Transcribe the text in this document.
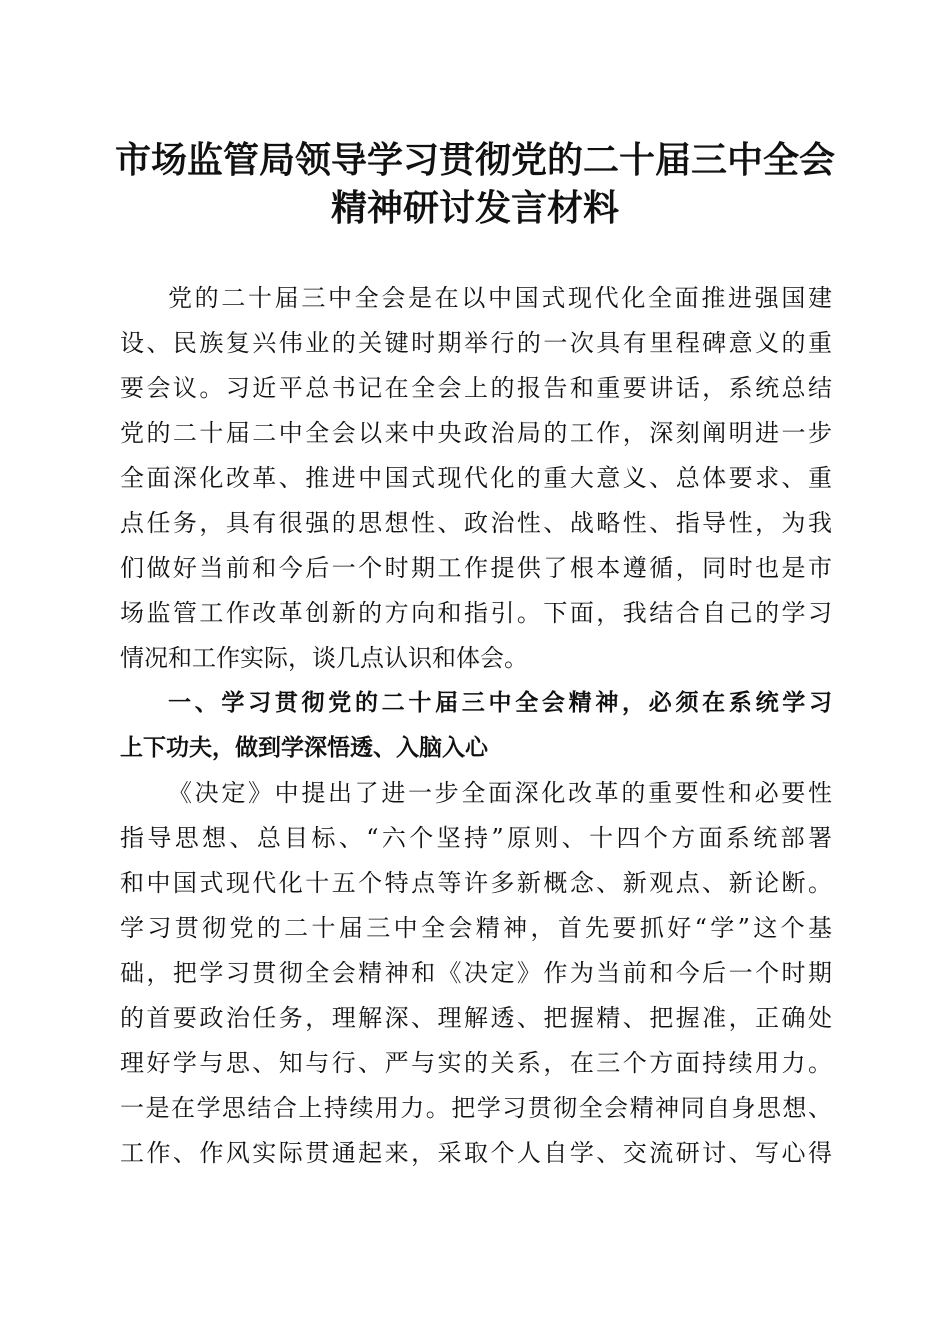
市场监管局领导学习贯彻党的二十届三中全会
精神研讨发言材料

党的二十届三中全会是在以中国式现代化全面推进强国建

设、民族复兴伟业的关键时期举行的一次具有里程碑意义的重

要会议。习近平总书记在全会上的报告和重要讲话，系统总结

党的二十届二中全会以来中央政治局的工作，深刻阐明进一步

全面深化改革、推进中国式现代化的重大意义、总体要求、重

点任务，具有很强的思想性、政治性、战略性、指导性，为我

们做好当前和今后一个时期工作提供了根本遵循，同时也是市

场监管工作改革创新的方向和指引。下面，我结合自己的学习

情况和工作实际，谈几点认识和体会。

一、学习贯彻党的二十届三中全会精神，必须在系统学习

上下功夫，做到学深悟透、入脑入心

《决定》中提出了进一步全面深化改革的重要性和必要性

指导思想、总目标、“六个坚持”原则、十四个方面系统部署

和中国式现代化十五个特点等许多新概念、新观点、新论断。

学习贯彻党的二十届三中全会精神，首先要抓好“学”这个基

础，把学习贯彻全会精神和《决定》作为当前和今后一个时期

的首要政治任务，理解深、理解透、把握精、把握准，正确处

理好学与思、知与行、严与实的关系，在三个方面持续用力。

一是在学思结合上持续用力。把学习贯彻全会精神同自身思想、

工作、作风实际贯通起来，采取个人自学、交流研讨、写心得
